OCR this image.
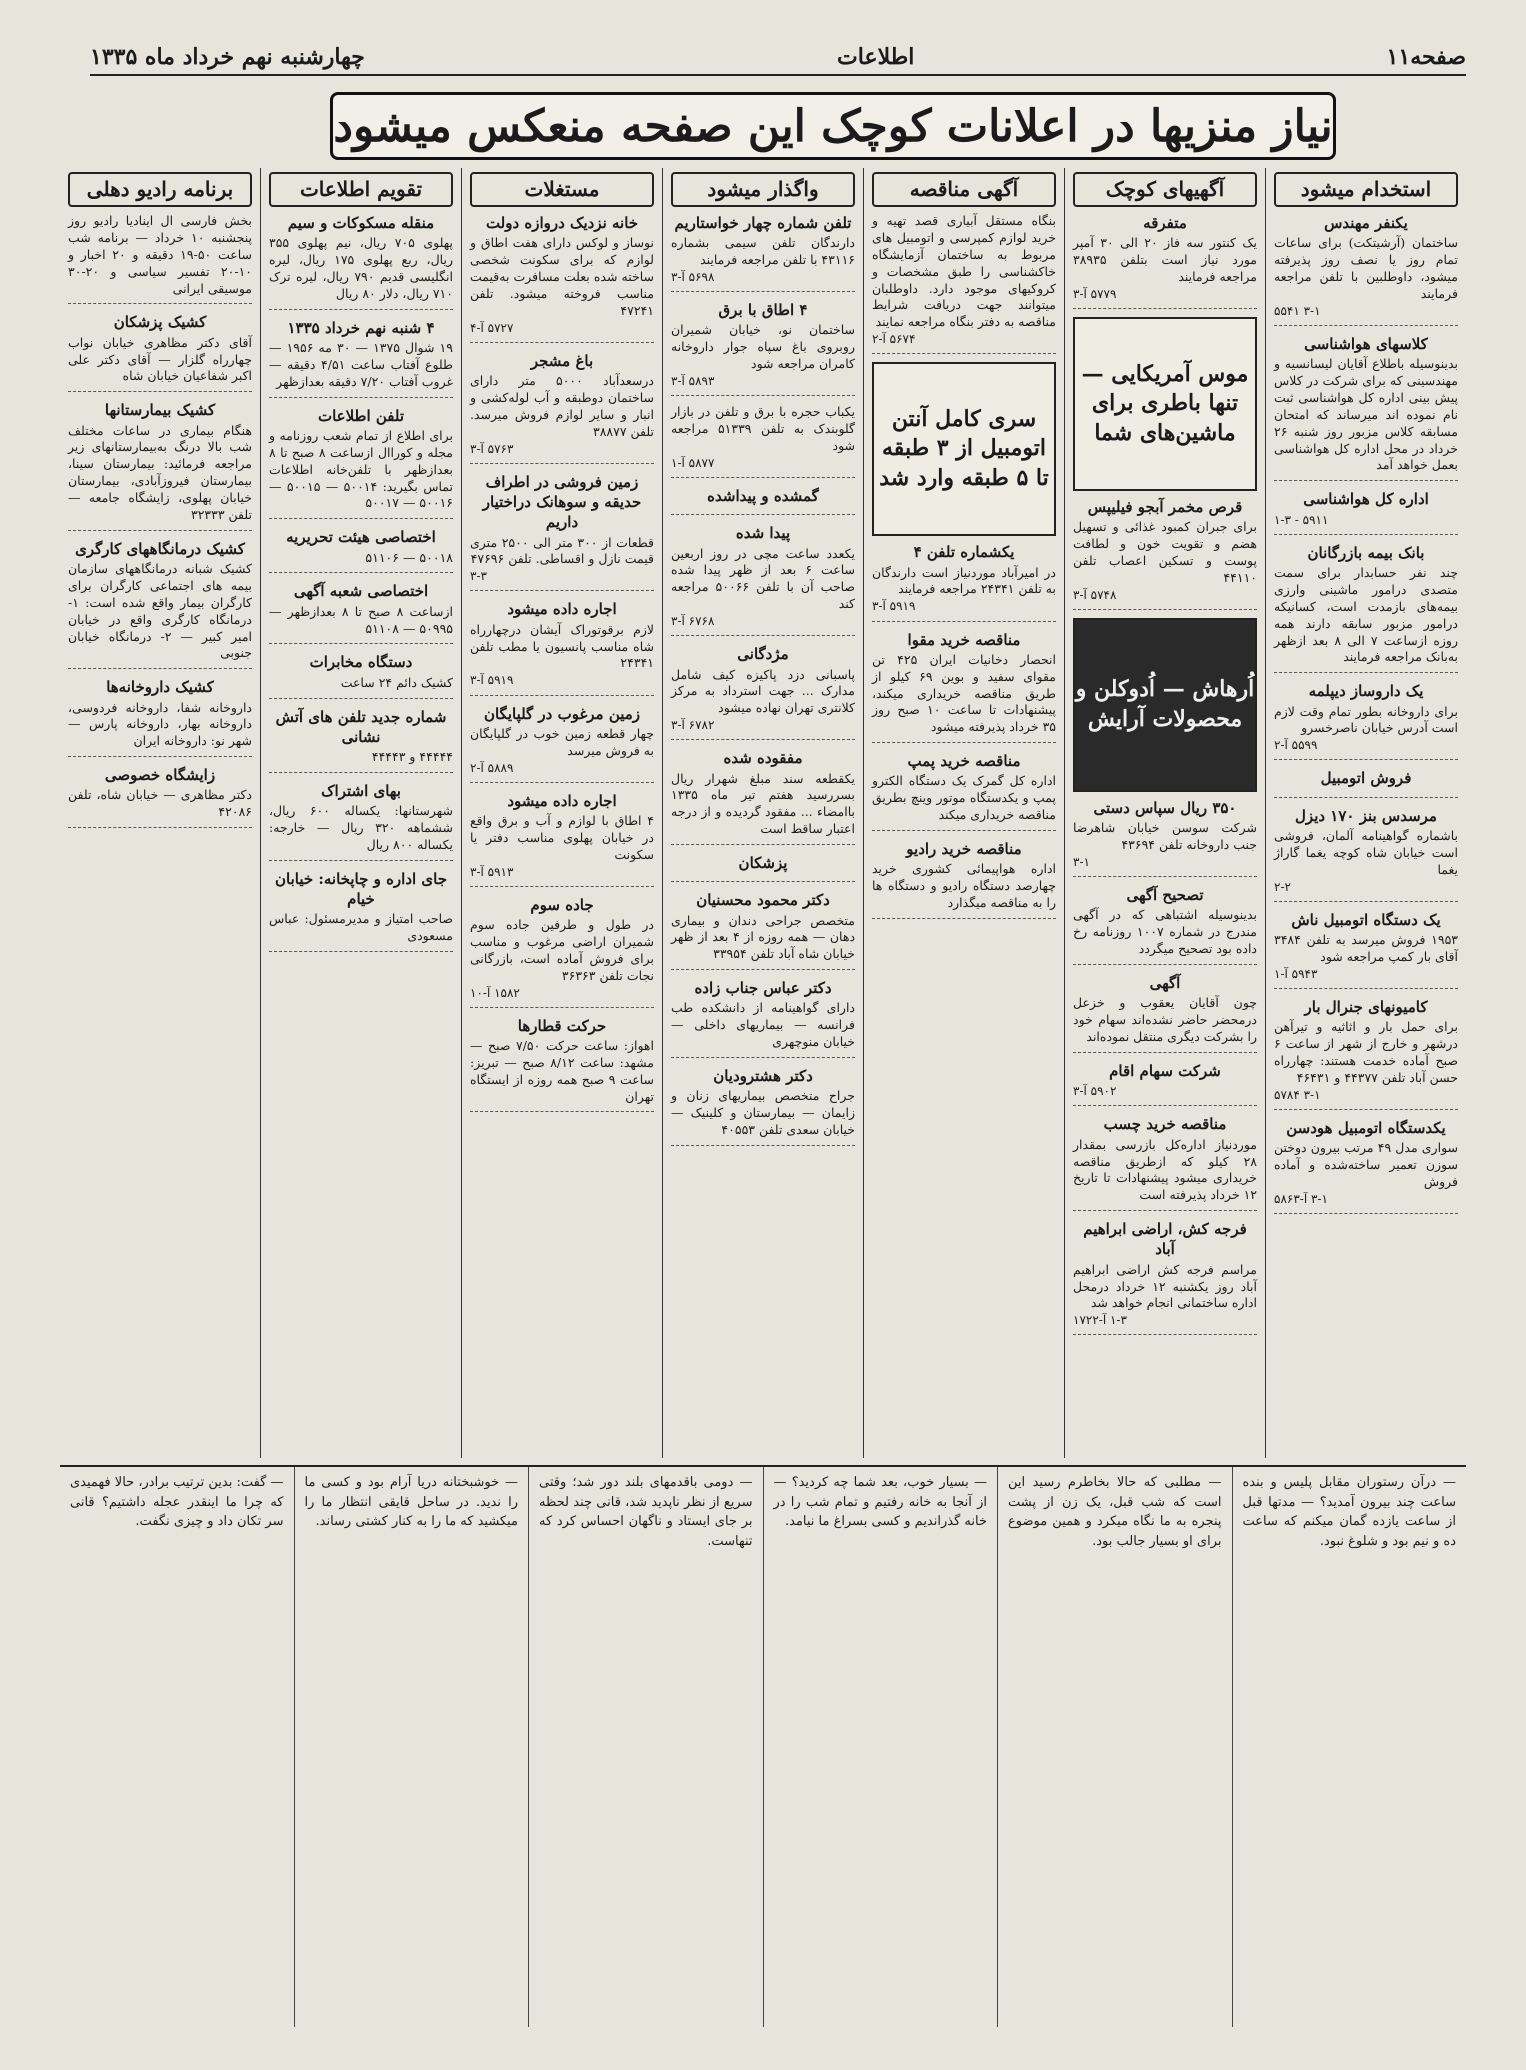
صفحه۱۱
اطلاعات
چهارشنبه نهم خرداد ماه ۱۳۳۵
نیاز منزیها در اعلانات کوچک این صفحه منعکس میشود
استخدام میشود
یکنفر مهندس
ساختمان (آرشیتکت) برای ساعات تمام روز یا نصف روز پذیرفته میشود، داوطلبین با تلفن مراجعه فرمایند
۳-۱ ۵۵۴۱
کلاسهای هواشناسی
بدینوسیله باطلاع آقایان لیسانسیه و مهندسینی که برای شرکت در کلاس پیش بینی اداره کل هواشناسی ثبت نام نموده اند میرساند که امتحان مسابقه کلاس مزبور روز شنبه ۲۶ خرداد در محل اداره کل هواشناسی بعمل خواهد آمد
اداره کل هواشناسی
۵۹۱۱ - ۱-۳
بانک بیمه بازرگانان
چند نفر حسابدار برای سمت متصدی درامور ماشینی وارزی بیمه‌های بازمدت است، کسانیکه درامور مزبور سابقه دارند همه روزه ازساعت ۷ الی ۸ بعد ازظهر به‌بانک مراجعه فرمایند
یک داروساز دیپلمه
برای داروخانه بطور تمام وقت لازم است آدرس خیابان ناصرخسرو
۵۵۹۹ آ-۲
فروش اتومبیل
مرسدس بنز ۱۷۰ دیزل
باشماره گواهینامه آلمان، فروشی است خیابان شاه کوچه یغما گاراژ یغما
۲-۲
یک دستگاه اتومبیل ناش
۱۹۵۳ فروش میرسد به تلفن ۳۴۸۴ آقای بار کمپ مراجعه شود
۵۹۴۳ آ-۱
کامیونهای جنرال بار
برای حمل بار و اثاثیه و تیرآهن درشهر و خارج از شهر از ساعت ۶ صبح آماده خدمت هستند: چهارراه حسن آباد تلفن ۴۴۳۷۷ و ۴۶۴۳۱
۳-۱ ۵۷۸۴
یکدستگاه اتومبیل هودسن
سواری مدل ۴۹ مرتب بیرون دوختن سوزن تعمیر ساخته‌شده و آماده فروش
۳-۱ آ-۵۸۶۳
آگهیهای کوچک
متفرقه
یک کنتور سه فاز ۲۰ الی ۳۰ آمپر مورد نیاز است بتلفن ۳۸۹۳۵ مراجعه فرمایند
۵۷۷۹ آ-۳
موس آمریکایی — تنها باطری برای ماشین‌های شما
قرص مخمر آبجو فیلیپس
برای جبران کمبود غذائی و تسهیل هضم و تقویت خون و لطافت پوست و تسکین اعصاب تلفن ۴۴۱۱۰
۵۷۴۸ آ-۳
اُرهاش — اُدوکلن و محصولات آرایش
۳۵۰ ریال سپاس دستی
شرکت سوسن خیابان شاهرضا جنب داروخانه تلفن ۴۳۶۹۴
۳-۱
تصحیح آگهی
بدینوسیله اشتباهی که در آگهی مندرج در شماره ۱۰۰۷ روزنامه رخ داده بود تصحیح میگردد
آگهی
چون آقایان یعقوب و خزعل درمحضر حاضر نشده‌اند سهام خود را بشرکت دیگری منتقل نموده‌اند
شرکت سهام اقام
۵۹۰۲ آ-۳
مناقصه خرید چسب
موردنیاز اداره‌کل بازرسی بمقدار ۲۸ کیلو که ازطریق مناقصه خریداری میشود پیشنهادات تا تاریخ ۱۲ خرداد پذیرفته است
فرجه کش، اراضی ابراهیم آباد
مراسم فرجه کش اراضی ابراهیم آباد روز یکشنبه ۱۲ خرداد درمحل اداره ساختمانی انجام خواهد شد
۱-۳ آ-۱۷۲۲
آگهی مناقصه
بنگاه مستقل آبیاری قصد تهیه و خرید لوازم کمپرسی و اتومبیل های مربوط به ساختمان آزمایشگاه خاکشناسی را طبق مشخصات و کروکیهای موجود دارد. داوطلبان میتوانند جهت دریافت شرایط مناقصه به دفتر بنگاه مراجعه نمایند
۵۶۷۴ آ-۲
سری کامل آنتن اتومبیل از ۳ طبقه تا ۵ طبقه وارد شد
یکشماره تلفن ۴
در امیرآباد موردنیاز است دارندگان به تلفن ۲۴۳۴۱ مراجعه فرمایند
۵۹۱۹ آ-۳
مناقصه خرید مقوا
انحصار دخانیات ایران ۴۲۵ تن مقوای سفید و بوین ۶۹ کیلو از طریق مناقصه خریداری میکند، پیشنهادات تا ساعت ۱۰ صبح روز ۳۵ خرداد پذیرفته میشود
مناقصه خرید پمپ
اداره کل گمرک یک دستگاه الکترو پمپ و یکدستگاه موتور وینچ بطریق مناقصه خریداری میکند
مناقصه خرید رادیو
اداره هواپیمائی کشوری خرید چهارصد دستگاه رادیو و دستگاه ها را به مناقصه میگذارد
واگذار میشود
تلفن شماره چهار خواستاریم
دارندگان تلفن سیمی بشماره ۴۳۱۱۶ با تلفن مراجعه فرمایند
۵۶۹۸ آ-۳
۴ اطاق با برق
ساختمان نو، خیابان شمیران روبروی باغ سپاه جوار داروخانه کامران مراجعه شود
۵۸۹۳ آ-۳
یکباب حجره با برق و تلفن در بازار گلوبندک به تلفن ۵۱۳۳۹ مراجعه شود
۵۸۷۷ آ-۱
گمشده و پیداشده
پیدا شده
یکعدد ساعت مچی در روز اربعین ساعت ۶ بعد از ظهر پیدا شده صاحب آن با تلفن ۵۰۰۶۶ مراجعه کند
۶۷۶۸ آ-۳
مژدگانی
پاسبانی دزد پاکیزه کیف شامل مدارک ... جهت استرداد به مرکز کلانتری تهران نهاده میشود
۶۷۸۲ آ-۳
مفقوده شده
یکقطعه سند مبلغ شهرار ریال بسررسید هفتم تیر ماه ۱۳۳۵ باامضاء ... مفقود گردیده و از درجه اعتبار ساقط است
پزشکان
دکتر محمود محسنیان
متخصص جراحی دندان و بیماری دهان — همه روزه از ۴ بعد از ظهر خیابان شاه آباد تلفن ۳۳۹۵۴
دکتر عباس جناب زاده
دارای گواهینامه از دانشکده طب فرانسه — بیماریهای داخلی — خیابان منوچهری
دکتر هشترودیان
جراح متخصص بیماریهای زنان و زایمان — بیمارستان و کلینیک — خیابان سعدی تلفن ۴۰۵۵۳
مستغلات
خانه نزدیک دروازه دولت
نوساز و لوکس دارای هفت اطاق و لوازم که برای سکونت شخصی ساخته شده بعلت مسافرت به‌قیمت مناسب فروخته میشود. تلفن ۴۷۲۴۱
۵۷۲۷ آ-۴
باغ مشجر
درسعدآباد ۵۰۰۰ متر دارای ساختمان دوطبقه و آب لوله‌کشی و انبار و سایر لوازم فروش میرسد. تلفن ۳۸۸۷۷
۵۷۶۳ آ-۳
زمین فروشی در اطراف حدیقه و سوهانک دراختیار داریم
قطعات از ۳۰۰ متر الی ۲۵۰۰ متری قیمت نازل و اقساطی. تلفن ۴۷۶۹۶
۳-۳
اجاره داده میشود
لازم برقوتوراک آیشان درچهارراه شاه مناسب پانسیون یا مطب تلفن ۲۴۳۴۱
۵۹۱۹ آ-۳
زمین مرغوب در گلپایگان
چهار قطعه زمین خوب در گلپایگان به فروش میرسد
۵۸۸۹ آ-۲
اجاره داده میشود
۴ اطاق با لوازم و آب و برق واقع در خیابان پهلوی مناسب دفتر یا سکونت
۵۹۱۳ آ-۳
جاده سوم
در طول و طرفین جاده سوم شمیران اراضی مرغوب و مناسب برای فروش آماده است، بازرگانی نجات تلفن ۳۶۳۶۳
۱۵۸۲ آ-۱۰
حرکت قطارها
اهواز: ساعت حرکت ۷/۵۰ صبح — مشهد: ساعت ۸/۱۲ صبح — تبریز: ساعت ۹ صبح همه روزه از ایستگاه تهران
تقویم اطلاعات
منقله مسکوکات و سیم
پهلوی ۷۰۵ ریال، نیم پهلوی ۳۵۵ ریال، ربع پهلوی ۱۷۵ ریال، لیره انگلیسی قدیم ۷۹۰ ریال، لیره ترک ۷۱۰ ریال، دلار ۸۰ ریال
۴ شنبه نهم خرداد ۱۳۳۵
۱۹ شوال ۱۳۷۵ — ۳۰ مه ۱۹۵۶ — طلوع آفتاب ساعت ۴/۵۱ دقیقه — غروب آفتاب ۷/۲۰ دقیقه بعدازظهر
تلفن اطلاعات
برای اطلاع از تمام شعب روزنامه و مجله و کوراال ازساعت ۸ صبح تا ۸ بعدازظهر با تلفن‌خانه اطلاعات تماس بگیرید: ۵۰۰۱۴ — ۵۰۰۱۵ — ۵۰۰۱۶ — ۵۰۰۱۷
اختصاصی هیئت تحریریه
۵۰۰۱۸ — ۵۱۱۰۶
اختصاصی شعبه آگهی
ازساعت ۸ صبح تا ۸ بعدازظهر — ۵۰۹۹۵ — ۵۱۱۰۸
دستگاه مخابرات
کشیک دائم ۲۴ ساعت
شماره جدید تلفن های آتش نشانی
۴۴۴۴۴ و ۴۴۴۴۳
بهای اشتراک
شهرستانها: یکساله ۶۰۰ ریال، ششماهه ۳۲۰ ریال — خارجه: یکساله ۸۰۰ ریال
جای اداره و چاپخانه: خیابان خیام
صاحب امتیاز و مدیرمسئول: عباس مسعودی
برنامه رادیو دهلی
بخش فارسی ال اینادیا رادیو روز پنجشنبه ۱۰ خرداد — برنامه شب ساعت ۵۰-۱۹ دقیقه و ۲۰ اخبار و ۱۰-۲۰ تفسیر سیاسی و ۲۰-۳۰ موسیقی ایرانی
کشیک پزشکان
آقای دکتر مظاهری خیابان نواب چهارراه گلزار — آقای دکتر علی اکبر شفاعیان خیابان شاه
کشیک بیمارستانها
هنگام بیماری در ساعات مختلف شب بالا درنگ به‌بیمارستانهای زیر مراجعه فرمائید: بیمارستان سینا، بیمارستان فیروزآبادی، بیمارستان خیابان پهلوی، زایشگاه جامعه — تلفن ۳۲۳۳۳
کشیک درمانگاههای کارگری
کشیک شبانه درمانگاههای سازمان بیمه های اجتماعی کارگران برای کارگران بیمار واقع شده است: ۱- درمانگاه کارگری واقع در خیابان امیر کبیر — ۲- درمانگاه خیابان جنوبی
کشیک داروخانه‌ها
داروخانه شفا، داروخانه فردوسی، داروخانه بهار، داروخانه پارس — شهر نو: داروخانه ایران
زایشگاه خصوصی
دکتر مظاهری — خیابان شاه، تلفن ۴۲۰۸۶

— درآن رستوران مقابل پلیس و بنده ساعت چند بیرون آمدید؟ — مدتها قبل از ساعت یازده گمان میکنم که ساعت ده و نیم بود و شلوغ نبود.

— مطلبی که حالا بخاطرم رسید این است که شب قبل، یک زن از پشت پنجره به ما نگاه میکرد و همین موضوع برای او بسیار جالب بود.

— بسیار خوب، بعد شما چه کردید؟ — از آنجا به خانه رفتیم و تمام شب را در خانه گذراندیم و کسی بسراغ ما نیامد.

— دومی باقدمهای بلند دور شد؛ وقتی سریع از نظر ناپدید شد، قانی چند لحظه بر جای ایستاد و ناگهان احساس کرد که تنهاست.

— خوشبختانه دریا آرام بود و کسی ما را ندید. در ساحل قایقی انتظار ما را میکشید که ما را به کنار کشتی رساند.

— گفت: بدین ترتیب برادر، حالا فهمیدی که چرا ما اینقدر عجله داشتیم؟ قانی سر تکان داد و چیزی نگفت.
